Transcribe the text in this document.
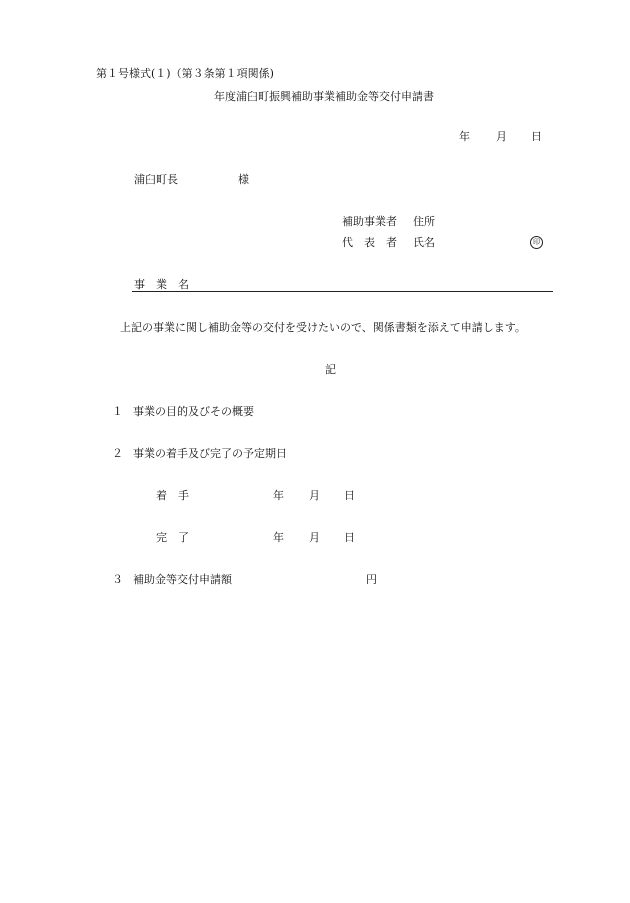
第１号様式(１)（第３条第１項関係)
年度浦臼町振興補助事業補助金等交付申請書
年 月 日
浦臼町長	様
補助事業者 住所
代　表　者 氏名	印
事　業　名
上記の事業に関し補助金等の交付を受けたいので、関係書類を添えて申請します。
記
１ 事業の目的及びその概要
２ 事業の着手及び完了の予定期日
着　手	年 月 日
完　了	年 月 日
３ 補助金等交付申請額	円
